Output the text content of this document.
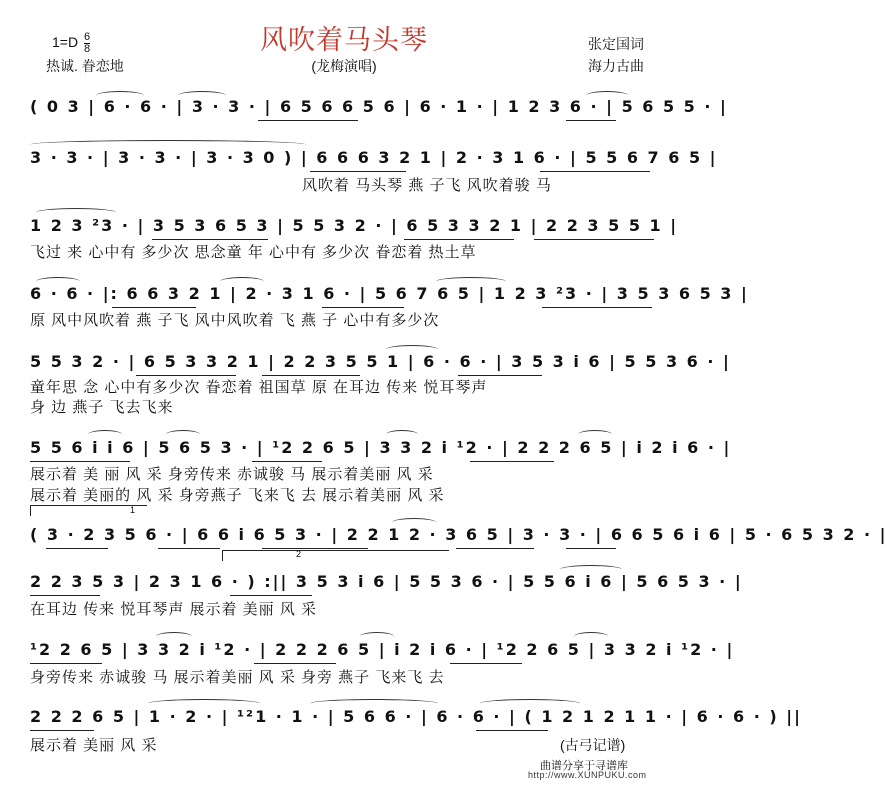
$1=D \frac{6}{8}$
热诚. 眷恋地
风吹着马头琴
(龙梅演唱)
张定国词
海力古曲
( 0 3 | 6 · 6 · | 3 · 3 · | 6 5 6 6 5 6 | 6 · 1 · | 1 2 3 6 · | 5 6 5 5 · |
3 · 3 · | 3 · 3 · | 3 · 3 0 ) | 6 6 6 3 2 1 | 2 · 3 1 6 · | 5 5 6 7 6 5 |
风吹着 马头琴 燕 子飞 风吹着骏 马
1 2 3 ²3 · | 3 5 3 6 5 3 | 5 5 3 2 · | 6 5 3 3 2 1 | 2 2 3 5 5 1 |
飞过 来 心中有 多少次 思念童 年 心中有 多少次 眷恋着 热土草
6 · 6 · |: 6 6 3 2 1 | 2 · 3 1 6 · | 5 6 7 6 5 | 1 2 3 ²3 · | 3 5 3 6 5 3 |
原 风中风吹着 燕 子飞 风中风吹着 飞 燕 子 心中有多少次
5 5 3 2 · | 6 5 3 3 2 1 | 2 2 3 5 5 1 | 6 · 6 · | 3 5 3 i 6 | 5 5 3 6 · |
童年思 念 心中有多少次 眷恋着 祖国草 原 在耳边 传来 悦耳琴声
身 边 燕子 飞去飞来
5 5 6 i i 6 | 5 6 5 3 · | ¹2 2 6 5 | 3 3 2 i ¹2 · | 2 2 2 6 5 | i 2 i 6 · |
展示着 美 丽 风 采 身旁传来 赤诚骏 马 展示着美丽 风 采
展示着 美丽的 风 采 身旁燕子 飞来飞 去 展示着美丽 风 采
1
( 3 · 2 3 5 6 · | 6 6 i 6 5 3 · | 2 2 1 2 · 3 6 5 | 3 · 3 · | 6 6 5 6 i 6 | 5 · 6 5 3 2 · |
2
2 2 3 5 3 | 2 3 1 6 · ) :|| 3 5 3 i 6 | 5 5 3 6 · | 5 5 6 i 6 | 5 6 5 3 · |
在耳边 传来 悦耳琴声 展示着 美丽 风 采
¹2 2 6 5 | 3 3 2 i ¹2 · | 2 2 2 6 5 | i 2 i 6 · | ¹2 2 6 5 | 3 3 2 i ¹2 · |
身旁传来 赤诚骏 马 展示着美丽 风 采 身旁 燕子 飞来飞 去
2 2 2 6 5 | 1 · 2 · | ¹²1 · 1 · | 5 6 6 · | 6 · 6 · | ( 1 2 1 2 1 1 · | 6 · 6 · ) ||
展示着 美丽 风 采	(古弓记谱)
曲谱分享于寻谱库
http://www.XUNPUKU.com
